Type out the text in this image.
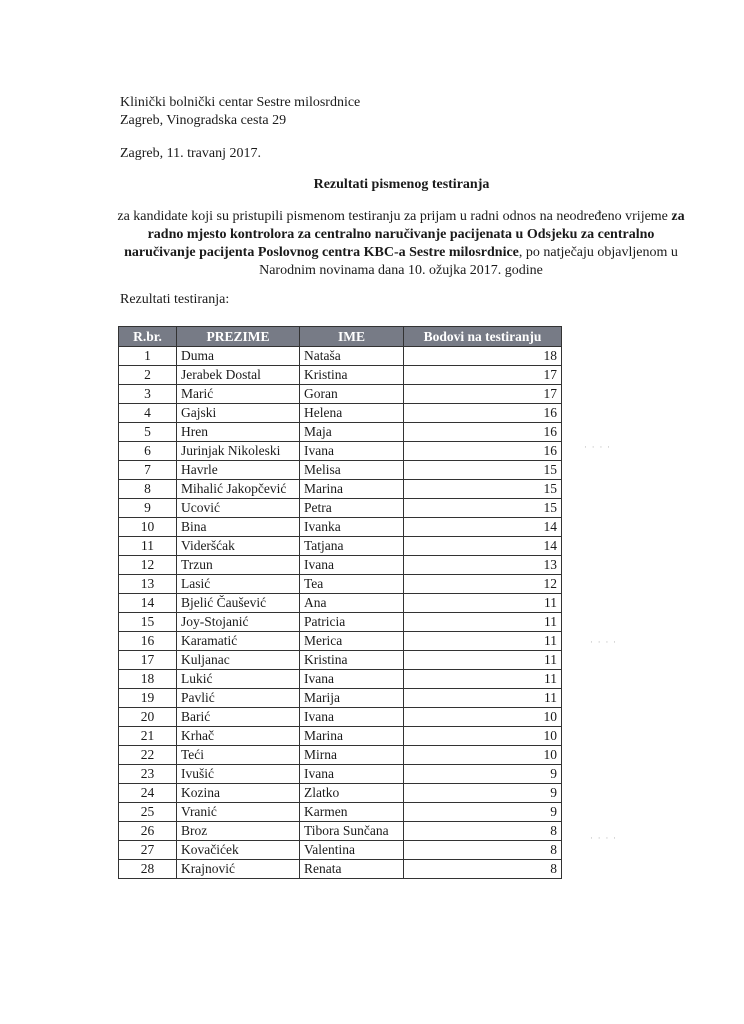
Klinički bolnički centar Sestre milosrdnice
Zagreb, Vinogradska cesta 29
Zagreb, 11. travanj 2017.
Rezultati pismenog testiranja
za kandidate koji su pristupili pismenom testiranju za prijam u radni odnos na neodređeno vrijeme za radno mjesto kontrolora za centralno naručivanje pacijenata u Odsjeku za centralno naručivanje pacijenta Poslovnog centra KBC-a Sestre milosrdnice, po natječaju objavljenom u Narodnim novinama dana 10. ožujka 2017. godine
Rezultati testiranja:
R.br.	PREZIME	IME	Bodovi na testiranju
1	Duma	Nataša	18
2	Jerabek Dostal	Kristina	17
3	Marić	Goran	17
4	Gajski	Helena	16
5	Hren	Maja	16
6	Jurinjak Nikoleski	Ivana	16
7	Havrle	Melisa	15
8	Mihalić Jakopčević	Marina	15
9	Ucović	Petra	15
10	Bina	Ivanka	14
11	Videršćak	Tatjana	14
12	Trzun	Ivana	13
13	Lasić	Tea	12
14	Bjelić Čaušević	Ana	11
15	Joy-Stojanić	Patricia	11
16	Karamatić	Merica	11
17	Kuljanac	Kristina	11
18	Lukić	Ivana	11
19	Pavlić	Marija	11
20	Barić	Ivana	10
21	Krhač	Marina	10
22	Teći	Mirna	10
23	Ivušić	Ivana	9
24	Kozina	Zlatko	9
25	Vranić	Karmen	9
26	Broz	Tibora Sunčana	8
27	Kovačićek	Valentina	8
28	Krajnović	Renata	8
· · · ·
· · · ·
· · · ·
